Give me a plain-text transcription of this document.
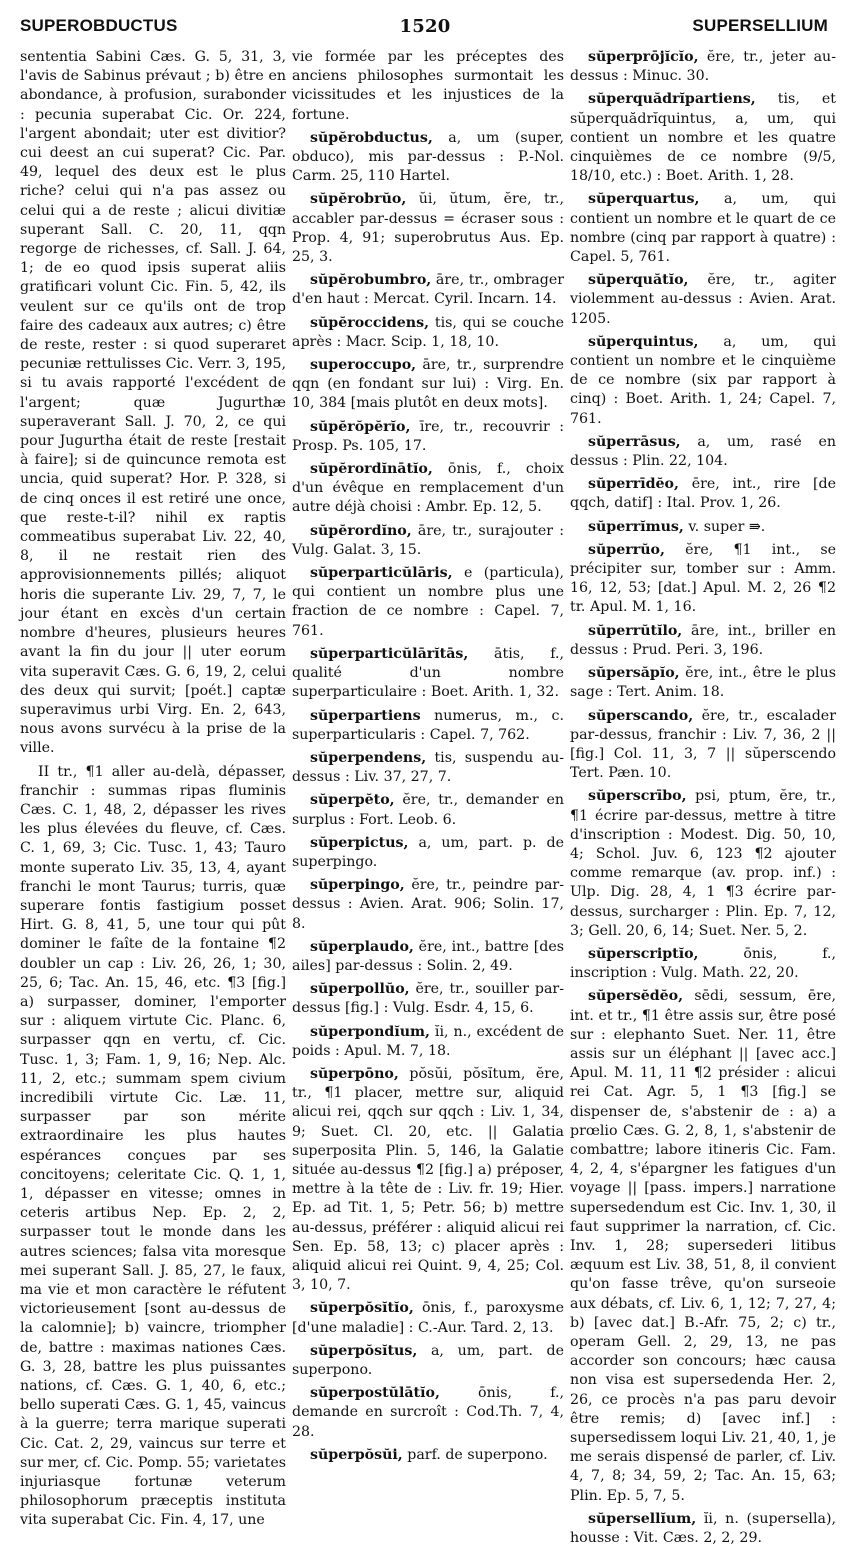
SUPEROBDUCTUS	1520	SUPERSELLIUM

sententia Sabini Cæs. G. 5, 31, 3, l'avis de Sabinus prévaut ; b) être en abondance, à profusion, surabonder : pecunia superabat Cic. Or. 224, l'argent abondait; uter est divitior? cui deest an cui superat? Cic. Par. 49, lequel des deux est le plus riche? celui qui n'a pas assez ou celui qui a de reste ; alicui divitiæ superant Sall. C. 20, 11, qqn regorge de richesses, cf. Sall. J. 64, 1; de eo quod ipsis superat aliis gratificari volunt Cic. Fin. 5, 42, ils veulent sur ce qu'ils ont de trop faire des cadeaux aux autres; c) être de reste, rester : si quod superaret pecuniæ rettulisses Cic. Verr. 3, 195, si tu avais rapporté l'excédent de l'argent; quæ Jugurthæ superaverant Sall. J. 70, 2, ce qui pour Jugurtha était de reste [restait à faire]; si de quincunce remota est uncia, quid superat? Hor. P. 328, si de cinq onces il est retiré une once, que reste-t-il? nihil ex raptis commeatibus superabat Liv. 22, 40, 8, il ne restait rien des approvisionnements pillés; aliquot horis die superante Liv. 29, 7, 7, le jour étant en excès d'un certain nombre d'heures, plusieurs heures avant la fin du jour || uter eorum vita superavit Cæs. G. 6, 19, 2, celui des deux qui survit; [poét.] captæ superavimus urbi Virg. En. 2, 643, nous avons survécu à la prise de la ville.

II tr., ¶1 aller au-delà, dépasser, franchir : summas ripas fluminis Cæs. C. 1, 48, 2, dépasser les rives les plus élevées du fleuve, cf. Cæs. C. 1, 69, 3; Cic. Tusc. 1, 43; Tauro monte superato Liv. 35, 13, 4, ayant franchi le mont Taurus; turris, quæ superare fontis fastigium posset Hirt. G. 8, 41, 5, une tour qui pût dominer le faîte de la fontaine ¶2 doubler un cap : Liv. 26, 26, 1; 30, 25, 6; Tac. An. 15, 46, etc. ¶3 [fig.] a) surpasser, dominer, l'emporter sur : aliquem virtute Cic. Planc. 6, surpasser qqn en vertu, cf. Cic. Tusc. 1, 3; Fam. 1, 9, 16; Nep. Alc. 11, 2, etc.; summam spem civium incredibili virtute Cic. Læ. 11, surpasser par son mérite extraordinaire les plus hautes espérances conçues par ses concitoyens; celeritate Cic. Q. 1, 1, 1, dépasser en vitesse; omnes in ceteris artibus Nep. Ep. 2, 2, surpasser tout le monde dans les autres sciences; falsa vita moresque mei superant Sall. J. 85, 27, le faux, ma vie et mon caractère le réfutent victorieusement [sont au-dessus de la calomnie]; b) vaincre, triompher de, battre : maximas nationes Cæs. G. 3, 28, battre les plus puissantes nations, cf. Cæs. G. 1, 40, 6, etc.; bello superati Cæs. G. 1, 45, vaincus à la guerre; terra marique superati Cic. Cat. 2, 29, vaincus sur terre et sur mer, cf. Cic. Pomp. 55; varietates injuriasque fortunæ veterum philosophorum præceptis instituta vita superabat Cic. Fin. 4, 17, une

vie formée par les préceptes des anciens philosophes surmontait les vicissitudes et les injustices de la fortune.

sŭpĕrobductus, a, um (super, obduco), mis par-dessus : P.-Nol. Carm. 25, 110 Hartel.

sŭpĕrobrŭo, ŭi, ŭtum, ĕre, tr., accabler par-dessus = écraser sous : Prop. 4, 91; superobrutus Aus. Ep. 25, 3.

sŭpĕrobumbro, āre, tr., ombrager d'en haut : Mercat. Cyril. Incarn. 14.

sŭpĕroccidens, tis, qui se couche après : Macr. Scip. 1, 18, 10.

superoccupo, āre, tr., surprendre qqn (en fondant sur lui) : Virg. En. 10, 384 [mais plutôt en deux mots].

sŭpĕrŏpĕrĭo, īre, tr., recouvrir : Prosp. Ps. 105, 17.

sŭpĕrordĭnātĭo, ōnis, f., choix d'un évêque en remplacement d'un autre déjà choisi : Ambr. Ep. 12, 5.

sŭpĕrordĭno, āre, tr., surajouter : Vulg. Galat. 3, 15.

sŭperparticŭlāris, e (particula), qui contient un nombre plus une fraction de ce nombre : Capel. 7, 761.

sŭperparticŭlārĭtās, ātis, f., qualité d'un nombre superparticulaire : Boet. Arith. 1, 32.

sŭperpartiens numerus, m., c. superparticularis : Capel. 7, 762.

sŭperpendens, tis, suspendu au-dessus : Liv. 37, 27, 7.

sŭperpĕto, ĕre, tr., demander en surplus : Fort. Leob. 6.

sŭperpictus, a, um, part. p. de superpingo.

sŭperpingo, ĕre, tr., peindre par-dessus : Avien. Arat. 906; Solin. 17, 8.

sŭperplaudo, ĕre, int., battre [des ailes] par-dessus : Solin. 2, 49.

sŭperpollŭo, ĕre, tr., souiller par-dessus [fig.] : Vulg. Esdr. 4, 15, 6.

sŭperpondĭum, ĭi, n., excédent de poids : Apul. M. 7, 18.

sŭperpōno, pŏsŭi, pŏsĭtum, ĕre, tr., ¶1 placer, mettre sur, aliquid alicui rei, qqch sur qqch : Liv. 1, 34, 9; Suet. Cl. 20, etc. || Galatia superposita Plin. 5, 146, la Galatie située au-dessus ¶2 [fig.] a) préposer, mettre à la tête de : Liv. fr. 19; Hier. Ep. ad Tit. 1, 5; Petr. 56; b) mettre au-dessus, préférer : aliquid alicui rei Sen. Ep. 58, 13; c) placer après : aliquid alicui rei Quint. 9, 4, 25; Col. 3, 10, 7.

sŭperpŏsĭtĭo, ōnis, f., paroxysme [d'une maladie] : C.-Aur. Tard. 2, 13.

sŭperpŏsĭtus, a, um, part. de superpono.

sŭperpostŭlātĭo, ōnis, f., demande en surcroît : Cod.Th. 7, 4, 28.

sŭperpŏsŭi, parf. de superpono.

sŭperprōjĭcĭo, ĕre, tr., jeter au-dessus : Minuc. 30.

sŭperquădrĭpartiens, tis, et sŭperquădrĭquintus, a, um, qui contient un nombre et les quatre cinquièmes de ce nombre (9/5, 18/10, etc.) : Boet. Arith. 1, 28.

sŭperquartus, a, um, qui contient un nombre et le quart de ce nombre (cinq par rapport à quatre) : Capel. 5, 761.

sŭperquătĭo, ĕre, tr., agiter violemment au-dessus : Avien. Arat. 1205.

sŭperquintus, a, um, qui contient un nombre et le cinquième de ce nombre (six par rapport à cinq) : Boet. Arith. 1, 24; Capel. 7, 761.

sŭperrāsus, a, um, rasé en dessus : Plin. 22, 104.

sŭperrīdĕo, ēre, int., rire [de qqch, datif] : Ital. Prov. 1, 26.

sŭperrĭmus, v. super ⇛.

sŭperrŭo, ĕre, ¶1 int., se précipiter sur, tomber sur : Amm. 16, 12, 53; [dat.] Apul. M. 2, 26 ¶2 tr. Apul. M. 1, 16.

sŭperrŭtĭlo, āre, int., briller en dessus : Prud. Peri. 3, 196.

sŭpersăpĭo, ĕre, int., être le plus sage : Tert. Anim. 18.

sŭperscando, ĕre, tr., escalader par-dessus, franchir : Liv. 7, 36, 2 || [fig.] Col. 11, 3, 7 || sŭperscendo Tert. Pæn. 10.

sŭperscrībo, psi, ptum, ĕre, tr., ¶1 écrire par-dessus, mettre à titre d'inscription : Modest. Dig. 50, 10, 4; Schol. Juv. 6, 123 ¶2 ajouter comme remarque (av. prop. inf.) : Ulp. Dig. 28, 4, 1 ¶3 écrire par-dessus, surcharger : Plin. Ep. 7, 12, 3; Gell. 20, 6, 14; Suet. Ner. 5, 2.

sŭperscriptĭo, ōnis, f., inscription : Vulg. Math. 22, 20.

sŭpersĕdĕo, sēdi, sessum, ēre, int. et tr., ¶1 être assis sur, être posé sur : elephanto Suet. Ner. 11, être assis sur un éléphant || [avec acc.] Apul. M. 11, 11 ¶2 présider : alicui rei Cat. Agr. 5, 1 ¶3 [fig.] se dispenser de, s'abstenir de : a) a prœlio Cæs. G. 2, 8, 1, s'abstenir de combattre; labore itineris Cic. Fam. 4, 2, 4, s'épargner les fatigues d'un voyage || [pass. impers.] narratione supersedendum est Cic. Inv. 1, 30, il faut supprimer la narration, cf. Cic. Inv. 1, 28; supersederi litibus æquum est Liv. 38, 51, 8, il convient qu'on fasse trêve, qu'on surseoie aux débats, cf. Liv. 6, 1, 12; 7, 27, 4; b) [avec dat.] B.-Afr. 75, 2; c) tr., operam Gell. 2, 29, 13, ne pas accorder son concours; hæc causa non visa est supersedenda Her. 2, 26, ce procès n'a pas paru devoir être remis; d) [avec inf.] : supersedissem loqui Liv. 21, 40, 1, je me serais dispensé de parler, cf. Liv. 4, 7, 8; 34, 59, 2; Tac. An. 15, 63; Plin. Ep. 5, 7, 5.

sŭpersellĭum, ĭi, n. (supersella), housse : Vit. Cæs. 2, 2, 29.
